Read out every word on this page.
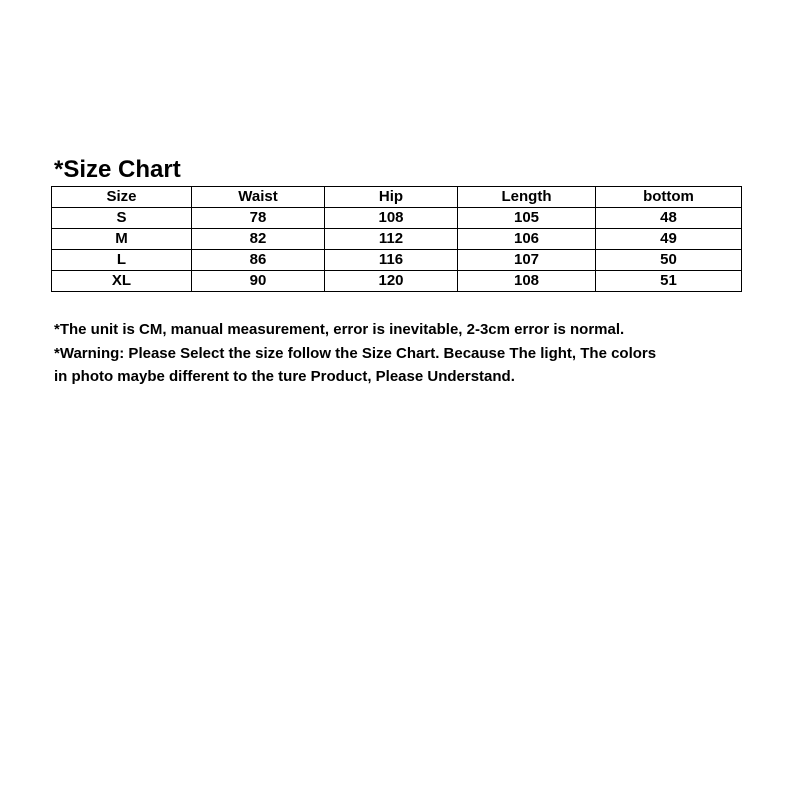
*Size Chart
Size	Waist	Hip	Length	bottom
S	78	108	105	48
M	82	112	106	49
L	86	116	107	50
XL	90	120	108	51

*The unit is CM, manual measurement, error is inevitable, 2-3cm error is normal.

*Warning: Please Select the size follow the Size Chart. Because The light, The colors

in photo maybe different to the ture Product, Please Understand.
